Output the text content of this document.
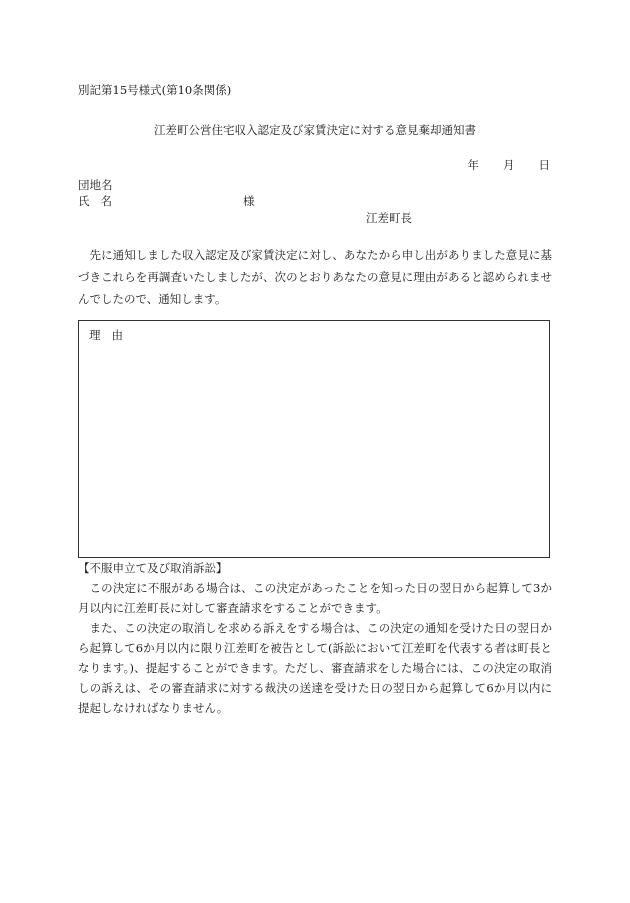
別記第15号様式(第10条関係)
江差町公営住宅収入認定及び家賃決定に対する意見棄却通知書
年 月 日
団地名
氏名	様
江差町長
先に通知しました収入認定及び家賃決定に対し、あなたから申し出がありました意見に基づきこれらを再調査いたしましたが、次のとおりあなたの意見に理由があると認められませんでしたので、通知します。
理由
【不服申立て及び取消訴訟】
この決定に不服がある場合は、この決定があったことを知った日の翌日から起算して3か月以内に江差町長に対して審査請求をすることができます。
また、この決定の取消しを求める訴えをする場合は、この決定の通知を受けた日の翌日から起算して6か月以内に限り江差町を被告として(訴訟において江差町を代表する者は町長となります。)、提起することができます。ただし、審査請求をした場合には、この決定の取消しの訴えは、その審査請求に対する裁決の送達を受けた日の翌日から起算して6か月以内に提起しなければなりません。
